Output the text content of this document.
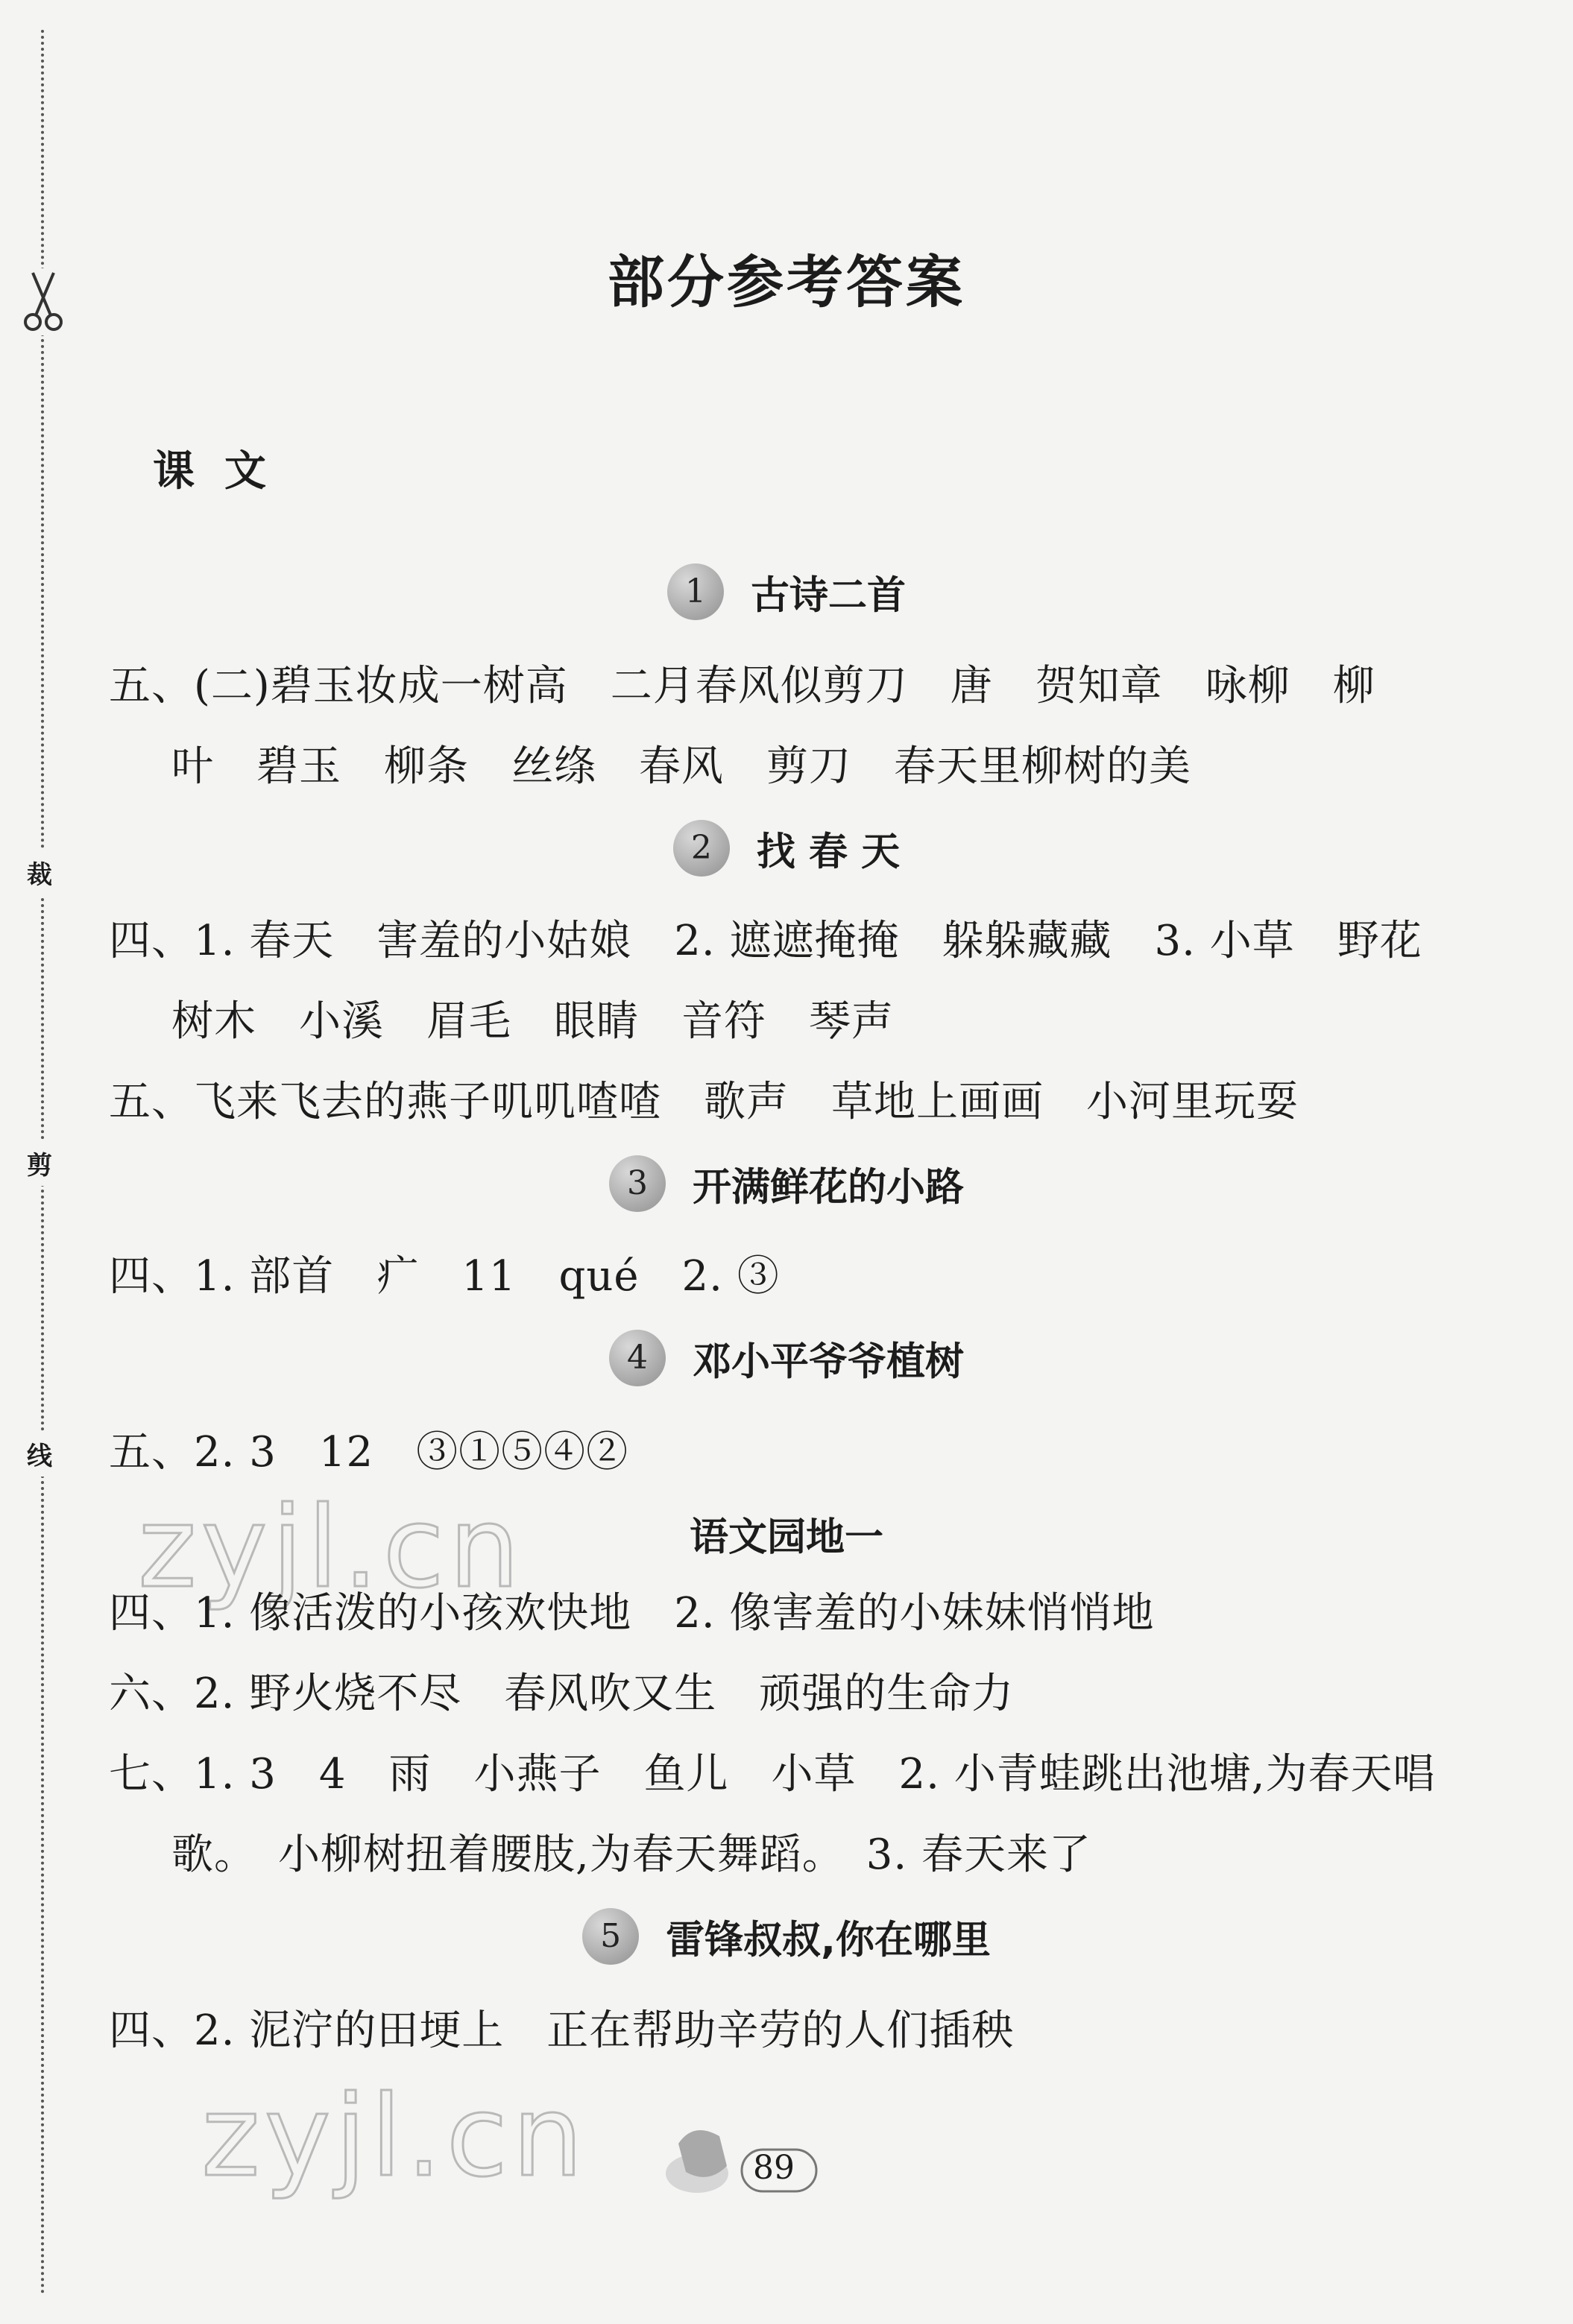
裁
剪
线
部分参考答案
课文
1 古诗二首
五、(二)碧玉妆成一树高　二月春风似剪刀　唐　贺知章　咏柳　柳
叶　碧玉　柳条　丝绦　春风　剪刀　春天里柳树的美
2 找 春 天
四、1. 春天　害羞的小姑娘　2. 遮遮掩掩　躲躲藏藏　3. 小草　野花
树木　小溪　眉毛　眼睛　音符　琴声
五、飞来飞去的燕子叽叽喳喳　歌声　草地上画画　小河里玩耍
3 开满鲜花的小路
四、1. 部首　疒　11　qué　2. ③
4 邓小平爷爷植树
五、2. 3　12　③①⑤④②
zyjl.cn	语文园地一
四、1. 像活泼的小孩欢快地　2. 像害羞的小妹妹悄悄地
六、2. 野火烧不尽　春风吹又生　顽强的生命力
七、1. 3　4　雨　小燕子　鱼儿　小草　2. 小青蛙跳出池塘,为春天唱
歌。　小柳树扭着腰肢,为春天舞蹈。　3. 春天来了
5 雷锋叔叔,你在哪里
四、2. 泥泞的田埂上　正在帮助辛劳的人们插秧
zyjl.cn	89
